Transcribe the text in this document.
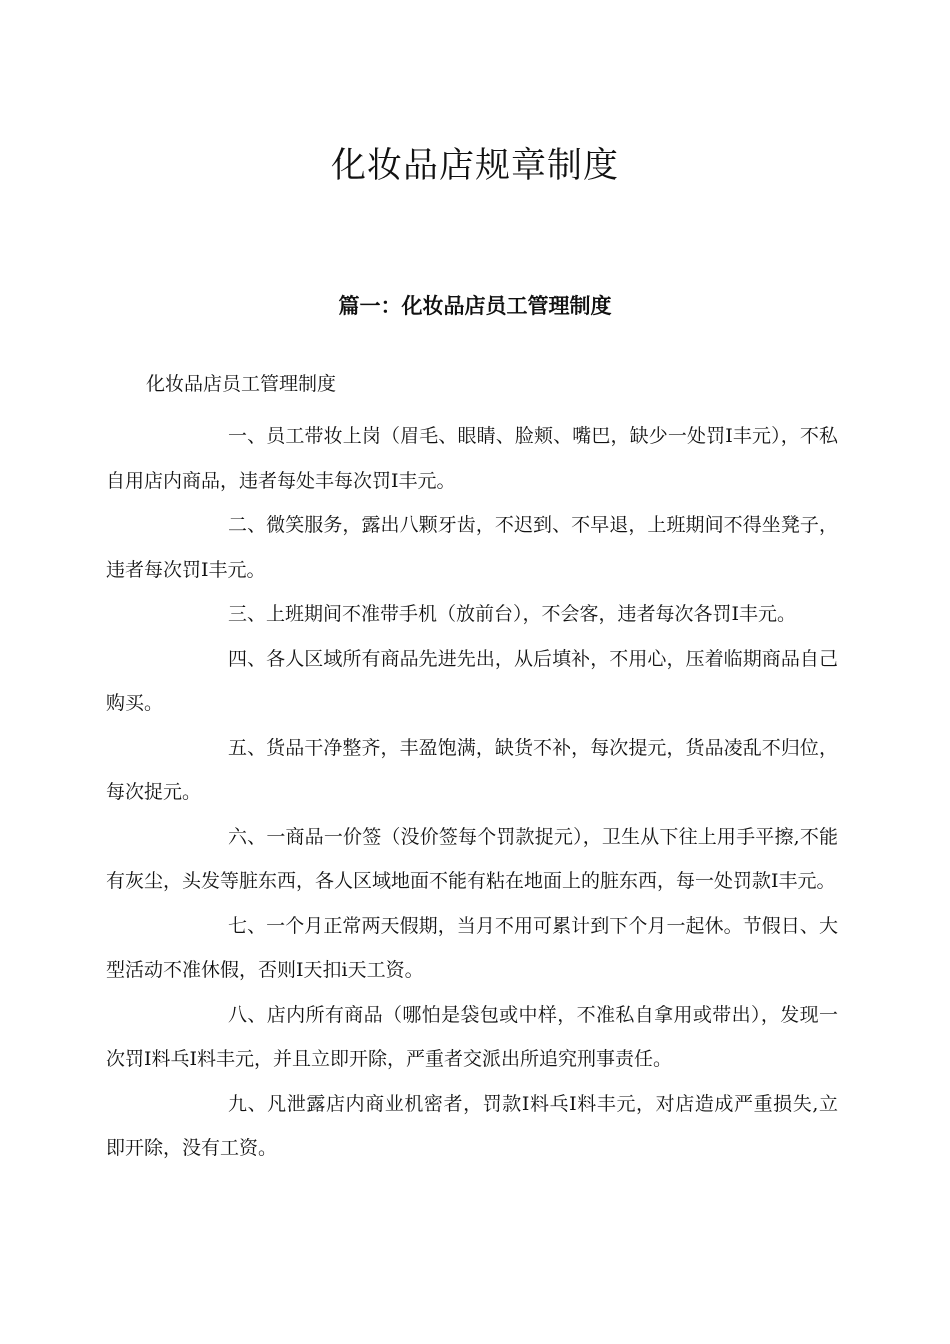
化妆品店规章制度
篇一：化妆品店员工管理制度

化妆品店员工管理制度

一、员工带妆上岗（眉毛、眼睛、脸颊、嘴巴，缺少一处罚I丰元），不私自用店内商品，违者每处丰每次罚I丰元。
二、微笑服务，露出八颗牙齿，不迟到、不早退，上班期间不得坐凳子，违者每次罚I丰元。
三、上班期间不准带手机（放前台），不会客，违者每次各罚I丰元。
四、各人区域所有商品先进先出，从后填补，不用心，压着临期商品自己购买。
五、货品干净整齐，丰盈饱满，缺货不补，每次提元，货品凌乱不归位，每次捉元。
六、一商品一价签（没价签每个罚款捉元），卫生从下往上用手平擦,不能有灰尘，头发等脏东西，各人区域地面不能有粘在地面上的脏东西，每一处罚款I丰元。
七、一个月正常两天假期，当月不用可累计到下个月一起休。节假日、大型活动不准休假，否则I天扣i天工资。
八、店内所有商品（哪怕是袋包或中样，不准私自拿用或带出），发现一次罚I料乓I料丰元，并且立即开除，严重者交派出所追究刑事责任。
九、凡泄露店内商业机密者，罚款I料乓I料丰元，对店造成严重损失,立即开除，没有工资。
